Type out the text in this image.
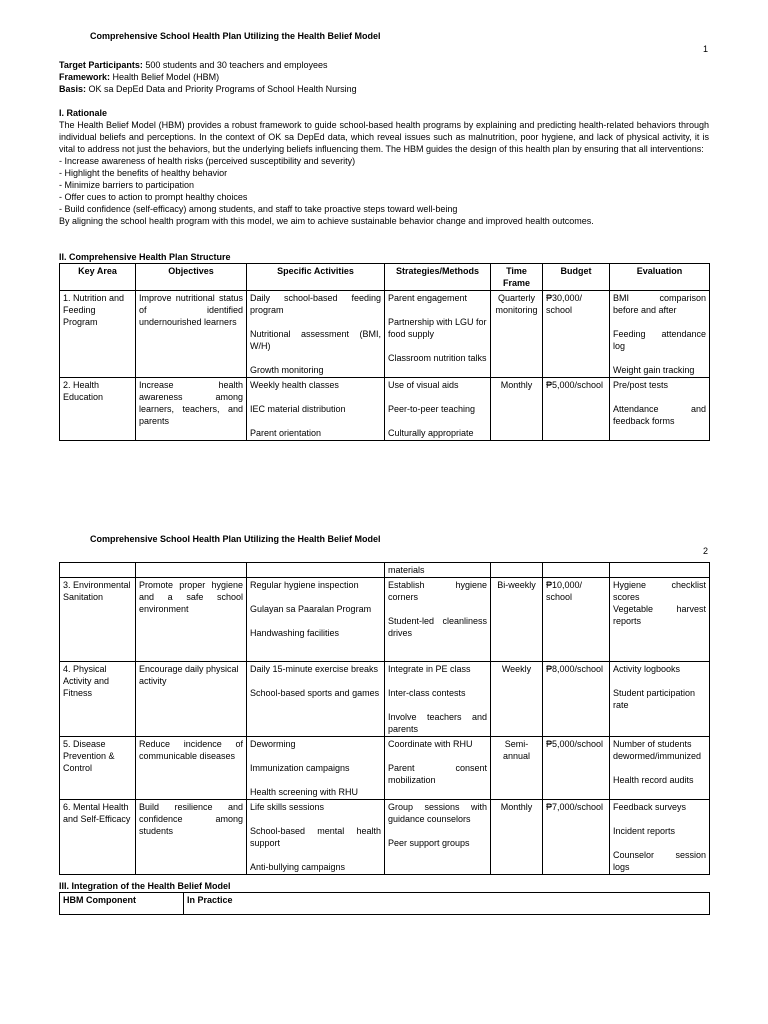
Comprehensive School Health Plan Utilizing the Health Belief Model
1
Target Participants: 500 students and 30 teachers and employees
Framework: Health Belief Model (HBM)
Basis: OK sa DepEd Data and Priority Programs of School Health Nursing
I. Rationale
The Health Belief Model (HBM) provides a robust framework to guide school-based health programs by explaining and predicting health-related behaviors through individual beliefs and perceptions. In the context of OK sa DepEd data, which reveal issues such as malnutrition, poor hygiene, and lack of physical activity, it is vital to address not just the behaviors, but the underlying beliefs influencing them. The HBM guides the design of this health plan by ensuring that all interventions:
- Increase awareness of health risks (perceived susceptibility and severity)
- Highlight the benefits of healthy behavior
- Minimize barriers to participation
- Offer cues to action to prompt healthy choices
- Build confidence (self-efficacy) among students, and staff to take proactive steps toward well-being
By aligning the school health program with this model, we aim to achieve sustainable behavior change and improved health outcomes.
II. Comprehensive Health Plan Structure
Key Area	Objectives	Specific Activities	Strategies/Methods	Time Frame	Budget	Evaluation
1. Nutrition and Feeding Program	Improve nutritional status of identified undernourished learners	Daily school-based feeding program
Nutritional assessment (BMI, W/H)
Growth monitoring	Parent engagement
Partnership with LGU for food supply
Classroom nutrition talks	Quarterly monitoring	₱30,000/ school	BMI comparison before and after
Feeding attendance log
Weight gain tracking

2. Health Education	Increase health awareness among learners, teachers, and parents	Weekly health classes
IEC material distribution
Parent orientation	Use of visual aids
Peer-to-peer teaching
Culturally appropriate	Monthly	₱5,000/school	Pre/post tests
Attendance and feedback forms
Comprehensive School Health Plan Utilizing the Health Belief Model
2
			materials			
3. Environmental Sanitation	Promote proper hygiene and a safe school environment	Regular hygiene inspection
Gulayan sa Paaralan Program
Handwashing facilities	Establish hygiene corners
Student-led cleanliness drives	Bi-weekly	₱10,000/ school	Hygiene checklist scores
Vegetable harvest reports

4. Physical Activity and Fitness	Encourage daily physical activity	Daily 15-minute exercise breaks
School-based sports and games	Integrate in PE class
Inter-class contests
Involve teachers and parents	Weekly	₱8,000/school	Activity logbooks
Student participation rate

5. Disease Prevention & Control	Reduce incidence of communicable diseases	Deworming
Immunization campaigns
Health screening with RHU	Coordinate with RHU
Parent consent mobilization	Semi-annual	₱5,000/school	Number of students dewormed/immunized
Health record audits

6. Mental Health and Self-Efficacy	Build resilience and confidence among students	Life skills sessions
School-based mental health support
Anti-bullying campaigns	Group sessions with guidance counselors
Peer support groups	Monthly	₱7,000/school	Feedback surveys
Incident reports
Counselor session logs
III. Integration of the Health Belief Model
HBM Component	In Practice
